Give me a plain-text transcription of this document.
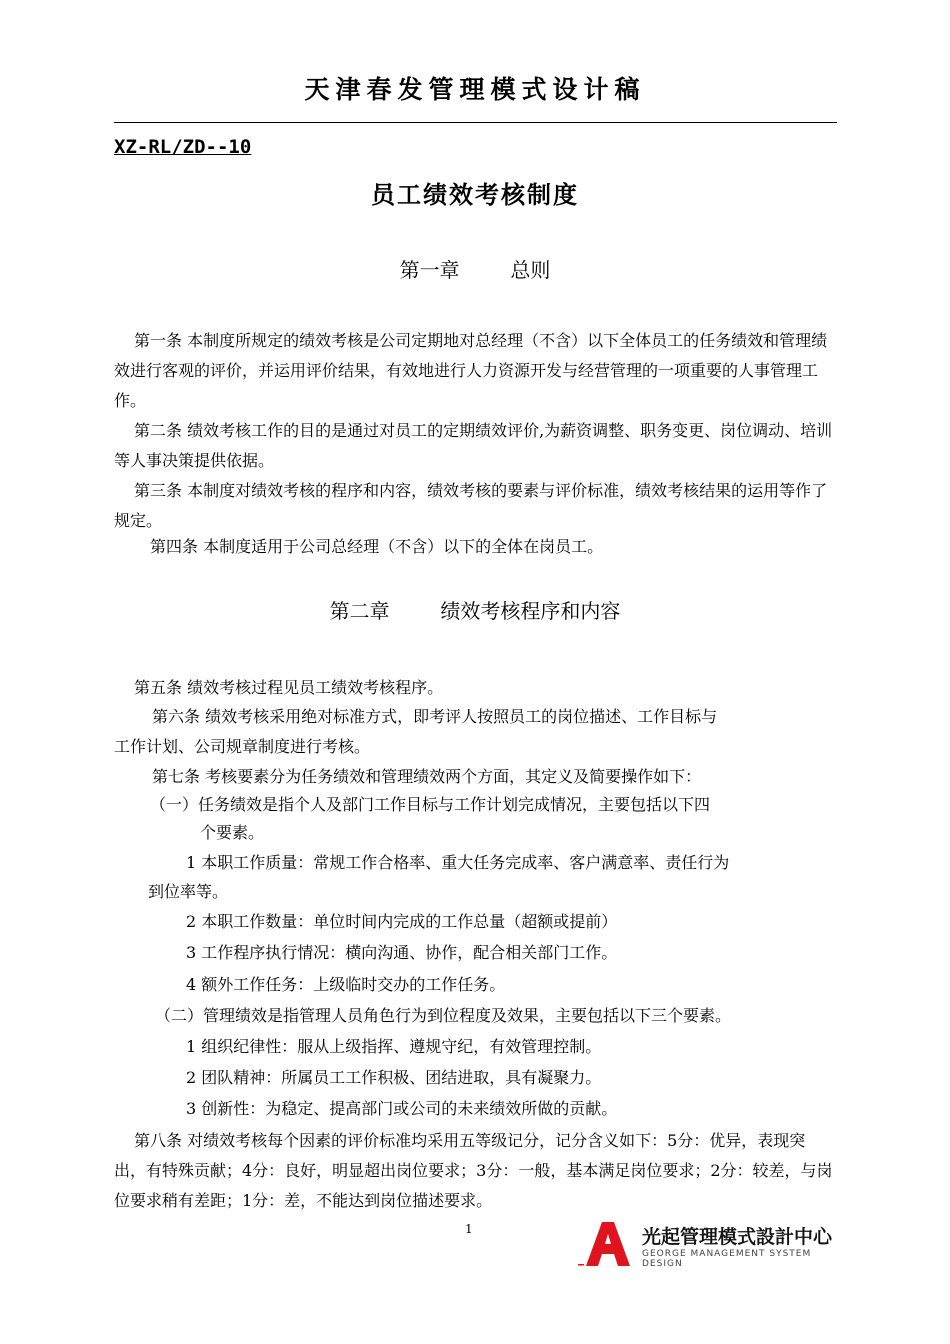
天津春发管理模式设计稿
XZ-RL/ZD--10
员工绩效考核制度
第一章        总则

第一条 本制度所规定的绩效考核是公司定期地对总经理（不含）以下全体员工的任务绩效和管理绩效进行客观的评价，并运用评价结果，有效地进行人力资源开发与经营管理的一项重要的人事管理工作。

第二条 绩效考核工作的目的是通过对员工的定期绩效评价,为薪资调整、职务变更、岗位调动、培训等人事决策提供依据。

第三条 本制度对绩效考核的程序和内容，绩效考核的要素与评价标准，绩效考核结果的运用等作了规定。

第四条 本制度适用于公司总经理（不含）以下的全体在岗员工。
第二章        绩效考核程序和内容
第五条 绩效考核过程见员工绩效考核程序。
第六条 绩效考核采用绝对标准方式，即考评人按照员工的岗位描述、工作目标与
工作计划、公司规章制度进行考核。
第七条 考核要素分为任务绩效和管理绩效两个方面，其定义及简要操作如下：
（一）任务绩效是指个人及部门工作目标与工作计划完成情况，主要包括以下四
个要素。
1 本职工作质量：常规工作合格率、重大任务完成率、客户满意率、责任行为
到位率等。
2 本职工作数量：单位时间内完成的工作总量（超额或提前）
3 工作程序执行情况：横向沟通、协作，配合相关部门工作。
4 额外工作任务：上级临时交办的工作任务。
（二）管理绩效是指管理人员角色行为到位程度及效果，主要包括以下三个要素。
1 组织纪律性：服从上级指挥、遵规守纪，有效管理控制。
2 团队精神：所属员工工作积极、团结进取，具有凝聚力。
3 创新性：为稳定、提高部门或公司的未来绩效所做的贡献。

第八条 对绩效考核每个因素的评价标准均采用五等级记分，记分含义如下：5分：优异，表现突出，有特殊贡献；4分：良好，明显超出岗位要求；3分：一般，基本满足岗位要求；2分：较差，与岗位要求稍有差距；1分：差，不能达到岗位描述要求。

1	光起管理模式設計中心
GEORGE MANAGEMENT SYSTEM DESIGN
